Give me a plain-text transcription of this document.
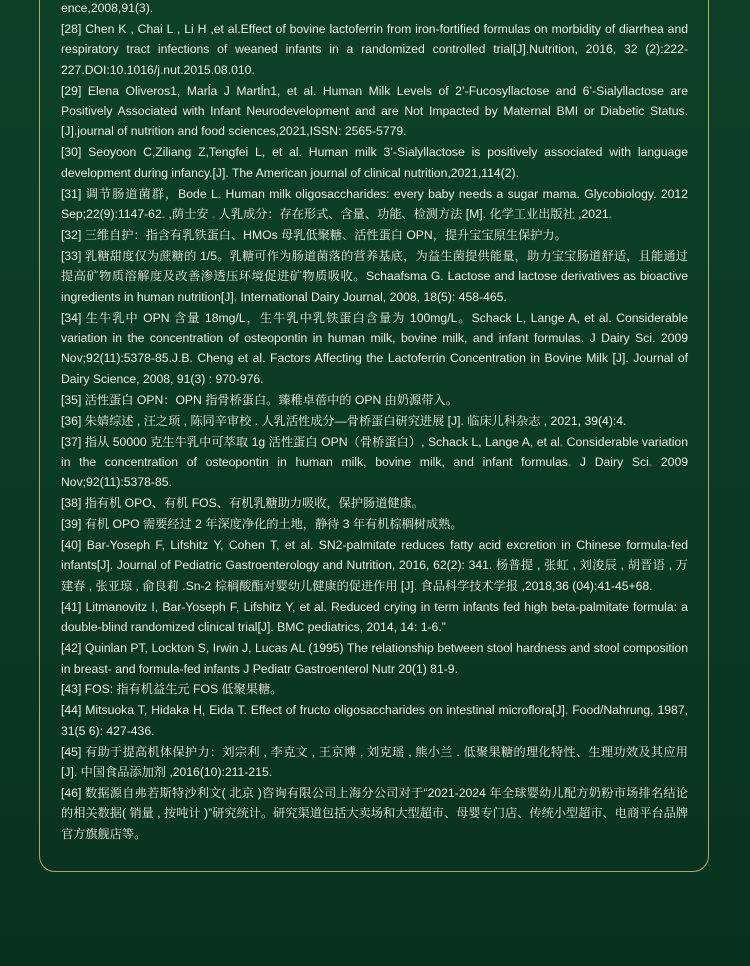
ence,2008,91(3).
[28] Chen K , Chai L , Li H ,et al.Effect of bovine lactoferrin from iron-fortified formulas on morbidity of diarrhea and respiratory tract infections of weaned infants in a randomized controlled trial[J].Nutrition, 2016, 32 (2):222-227.DOI:10.1016/j.nut.2015.08.010.
[29] Elena Oliveros1, Marĺa J Martĺn1, et al. Human Milk Levels of 2’-Fucosyllactose and 6’-Sialyllactose are Positively Associated with Infant Neurodevelopment and are Not Impacted by Maternal BMI or Diabetic Status.[J].journal of nutrition and food sciences,2021,ISSN: 2565-5779.
[30] Seoyoon C,Ziliang Z,Tengfei L, et al. Human milk 3’-Sialyllactose is positively associated with language development during infancy.[J]. The American journal of clinical nutrition,2021,114(2).
[31] 调节肠道菌群，Bode L. Human milk oligosaccharides: every baby needs a sugar mama. Glycobiology. 2012 Sep;22(9):1147-62. ,荫士安 . 人乳成分：存在形式、含量、功能、检测方法 [M]. 化学工业出版社 ,2021.
[32] 三维自护：指含有乳铁蛋白、HMOs 母乳低聚糖、活性蛋白 OPN，提升宝宝原生保护力。
[33] 乳糖甜度仅为蔗糖的 1/5。乳糖可作为肠道菌落的营养基底，为益生菌提供能量，助力宝宝肠道舒适，且能通过提高矿物质溶解度及改善渗透压环境促进矿物质吸收。Schaafsma G. Lactose and lactose derivatives as bioactive ingredients in human nutrition[J]. International Dairy Journal, 2008, 18(5): 458-465.
[34] 生牛乳中 OPN 含量 18mg/L，生牛乳中乳铁蛋白含量为 100mg/L。Schack L, Lange A, et al. Considerable variation in the concentration of osteopontin in human milk, bovine milk, and infant formulas. J Dairy Sci. 2009 Nov;92(11):5378-85.J.B. Cheng et al. Factors Affecting the Lactoferrin Concentration in Bovine Milk [J]. Journal of Dairy Science, 2008, 91(3) : 970-976.
[35] 活性蛋白 OPN：OPN 指骨桥蛋白。臻稚卓蓓中的 OPN 由奶源带入。
[36] 朱婧综述 , 汪之顼 , 陈同辛审校 . 人乳活性成分—骨桥蛋白研究进展 [J]. 临床儿科杂志 , 2021, 39(4):4.
[37] 指从 50000 克生牛乳中可萃取 1g 活性蛋白 OPN（骨桥蛋白）, Schack L, Lange A, et al. Considerable variation in the concentration of osteopontin in human milk, bovine milk, and infant formulas. J Dairy Sci. 2009 Nov;92(11):5378-85.
[38] 指有机 OPO、有机 FOS、有机乳糖助力吸收，保护肠道健康。
[39] 有机 OPO 需要经过 2 年深度净化的土地，静待 3 年有机棕榈树成熟。
[40] Bar-Yoseph F, Lifshitz Y, Cohen T, et al. SN2-palmitate reduces fatty acid excretion in Chinese formula-fed infants[J]. Journal of Pediatric Gastroenterology and Nutrition, 2016, 62(2): 341. 杨普提 , 张虹 , 刘浚辰 , 胡晋语 , 万建春 , 张亚琼 , 俞良莉 .Sn-2 棕榈酸酯对婴幼儿健康的促进作用 [J]. 食品科学技术学报 ,2018,36 (04):41-45+68.
[41] Litmanovitz I, Bar-Yoseph F, Lifshitz Y, et al. Reduced crying in term infants fed high beta-palmitate formula: a double-blind randomized clinical trial[J]. BMC pediatrics, 2014, 14: 1-6.”
[42] Quinlan PT, Lockton S, Irwin J, Lucas AL (1995) The relationship between stool hardness and stool composition in breast- and formula-fed infants J Pediatr Gastroenterol Nutr 20(1) 81-9.
[43] FOS: 指有机益生元 FOS 低聚果糖。
[44] Mitsuoka T, Hidaka H, Eida T. Effect of fructo oligosaccharides on intestinal microflora[J]. Food/Nahrung, 1987, 31(5 6): 427-436.
[45] 有助于提高机体保护力：刘宗利 , 李克文 , 王京博 , 刘克瑶 , 熊小兰 . 低聚果糖的理化特性、生理功效及其应用 [J]. 中国食品添加剂 ,2016(10):211-215.
[46] 数据源自弗若斯特沙利文( 北京 )咨询有限公司上海分公司对于“2021-2024 年全球婴幼儿配方奶粉市场排名结论的相关数据( 销量 , 按吨计 )”研究统计。研究渠道包括大卖场和大型超市、母婴专门店、传统小型超市、电商平台品牌官方旗舰店等。
